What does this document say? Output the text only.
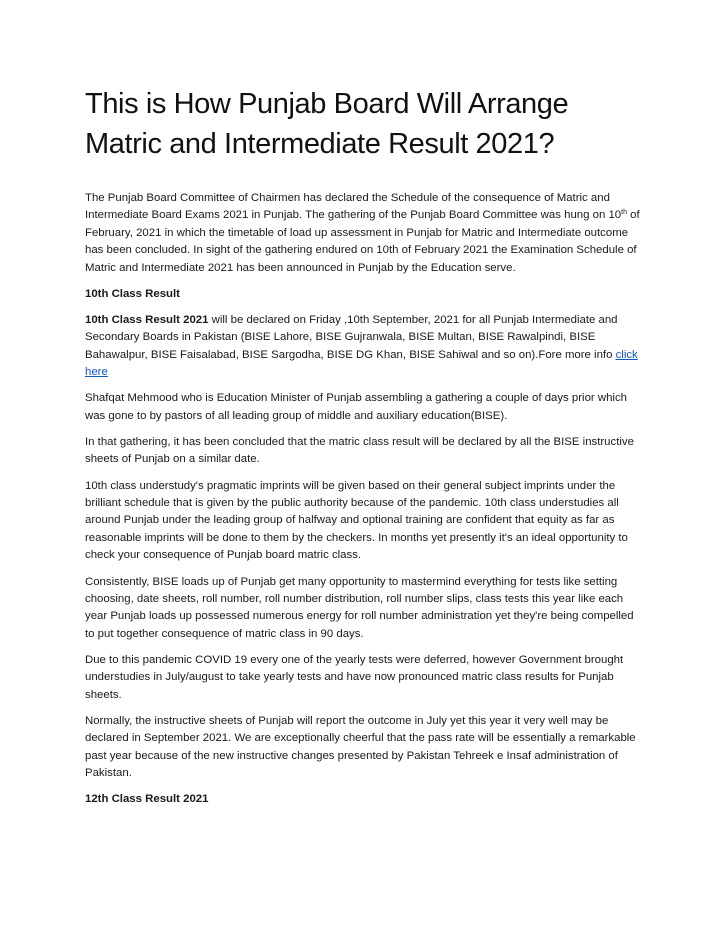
This is How Punjab Board Will Arrange
Matric and Intermediate Result 2021?

The Punjab Board Committee of Chairmen has declared the Schedule of the consequence of Matric and Intermediate Board Exams 2021 in Punjab. The gathering of the Punjab Board Committee was hung on 10th of February, 2021 in which the timetable of load up assessment in Punjab for Matric and Intermediate outcome has been concluded. In sight of the gathering endured on 10th of February 2021 the Examination Schedule of Matric and Intermediate 2021 has been announced in Punjab by the Education serve.

10th Class Result

10th Class Result 2021 will be declared on Friday ,10th September, 2021 for all Punjab Intermediate and Secondary Boards in Pakistan (BISE Lahore, BISE Gujranwala, BISE Multan, BISE Rawalpindi, BISE Bahawalpur, BISE Faisalabad, BISE Sargodha, BISE DG Khan, BISE Sahiwal and so on).Fore more info click here

Shafqat Mehmood who is Education Minister of Punjab assembling a gathering a couple of days prior which was gone to by pastors of all leading group of middle and auxiliary education(BISE).

In that gathering, it has been concluded that the matric class result will be declared by all the BISE instructive sheets of Punjab on a similar date.

10th class understudy's pragmatic imprints will be given based on their general subject imprints under the brilliant schedule that is given by the public authority because of the pandemic. 10th class understudies all around Punjab under the leading group of halfway and optional training are confident that equity as far as reasonable imprints will be done to them by the checkers. In months yet presently it's an ideal opportunity to check your consequence of Punjab board matric class.

Consistently, BISE loads up of Punjab get many opportunity to mastermind everything for tests like setting choosing, date sheets, roll number, roll number distribution, roll number slips, class tests this year like each year Punjab loads up possessed numerous energy for roll number administration yet they're being compelled to put together consequence of matric class in 90 days.

Due to this pandemic COVID 19 every one of the yearly tests were deferred, however Government brought understudies in July/august to take yearly tests and have now pronounced matric class results for Punjab sheets.

Normally, the instructive sheets of Punjab will report the outcome in July yet this year it very well may be declared in September 2021. We are exceptionally cheerful that the pass rate will be essentially a remarkable past year because of the new instructive changes presented by Pakistan Tehreek e Insaf administration of Pakistan.

12th Class Result 2021
